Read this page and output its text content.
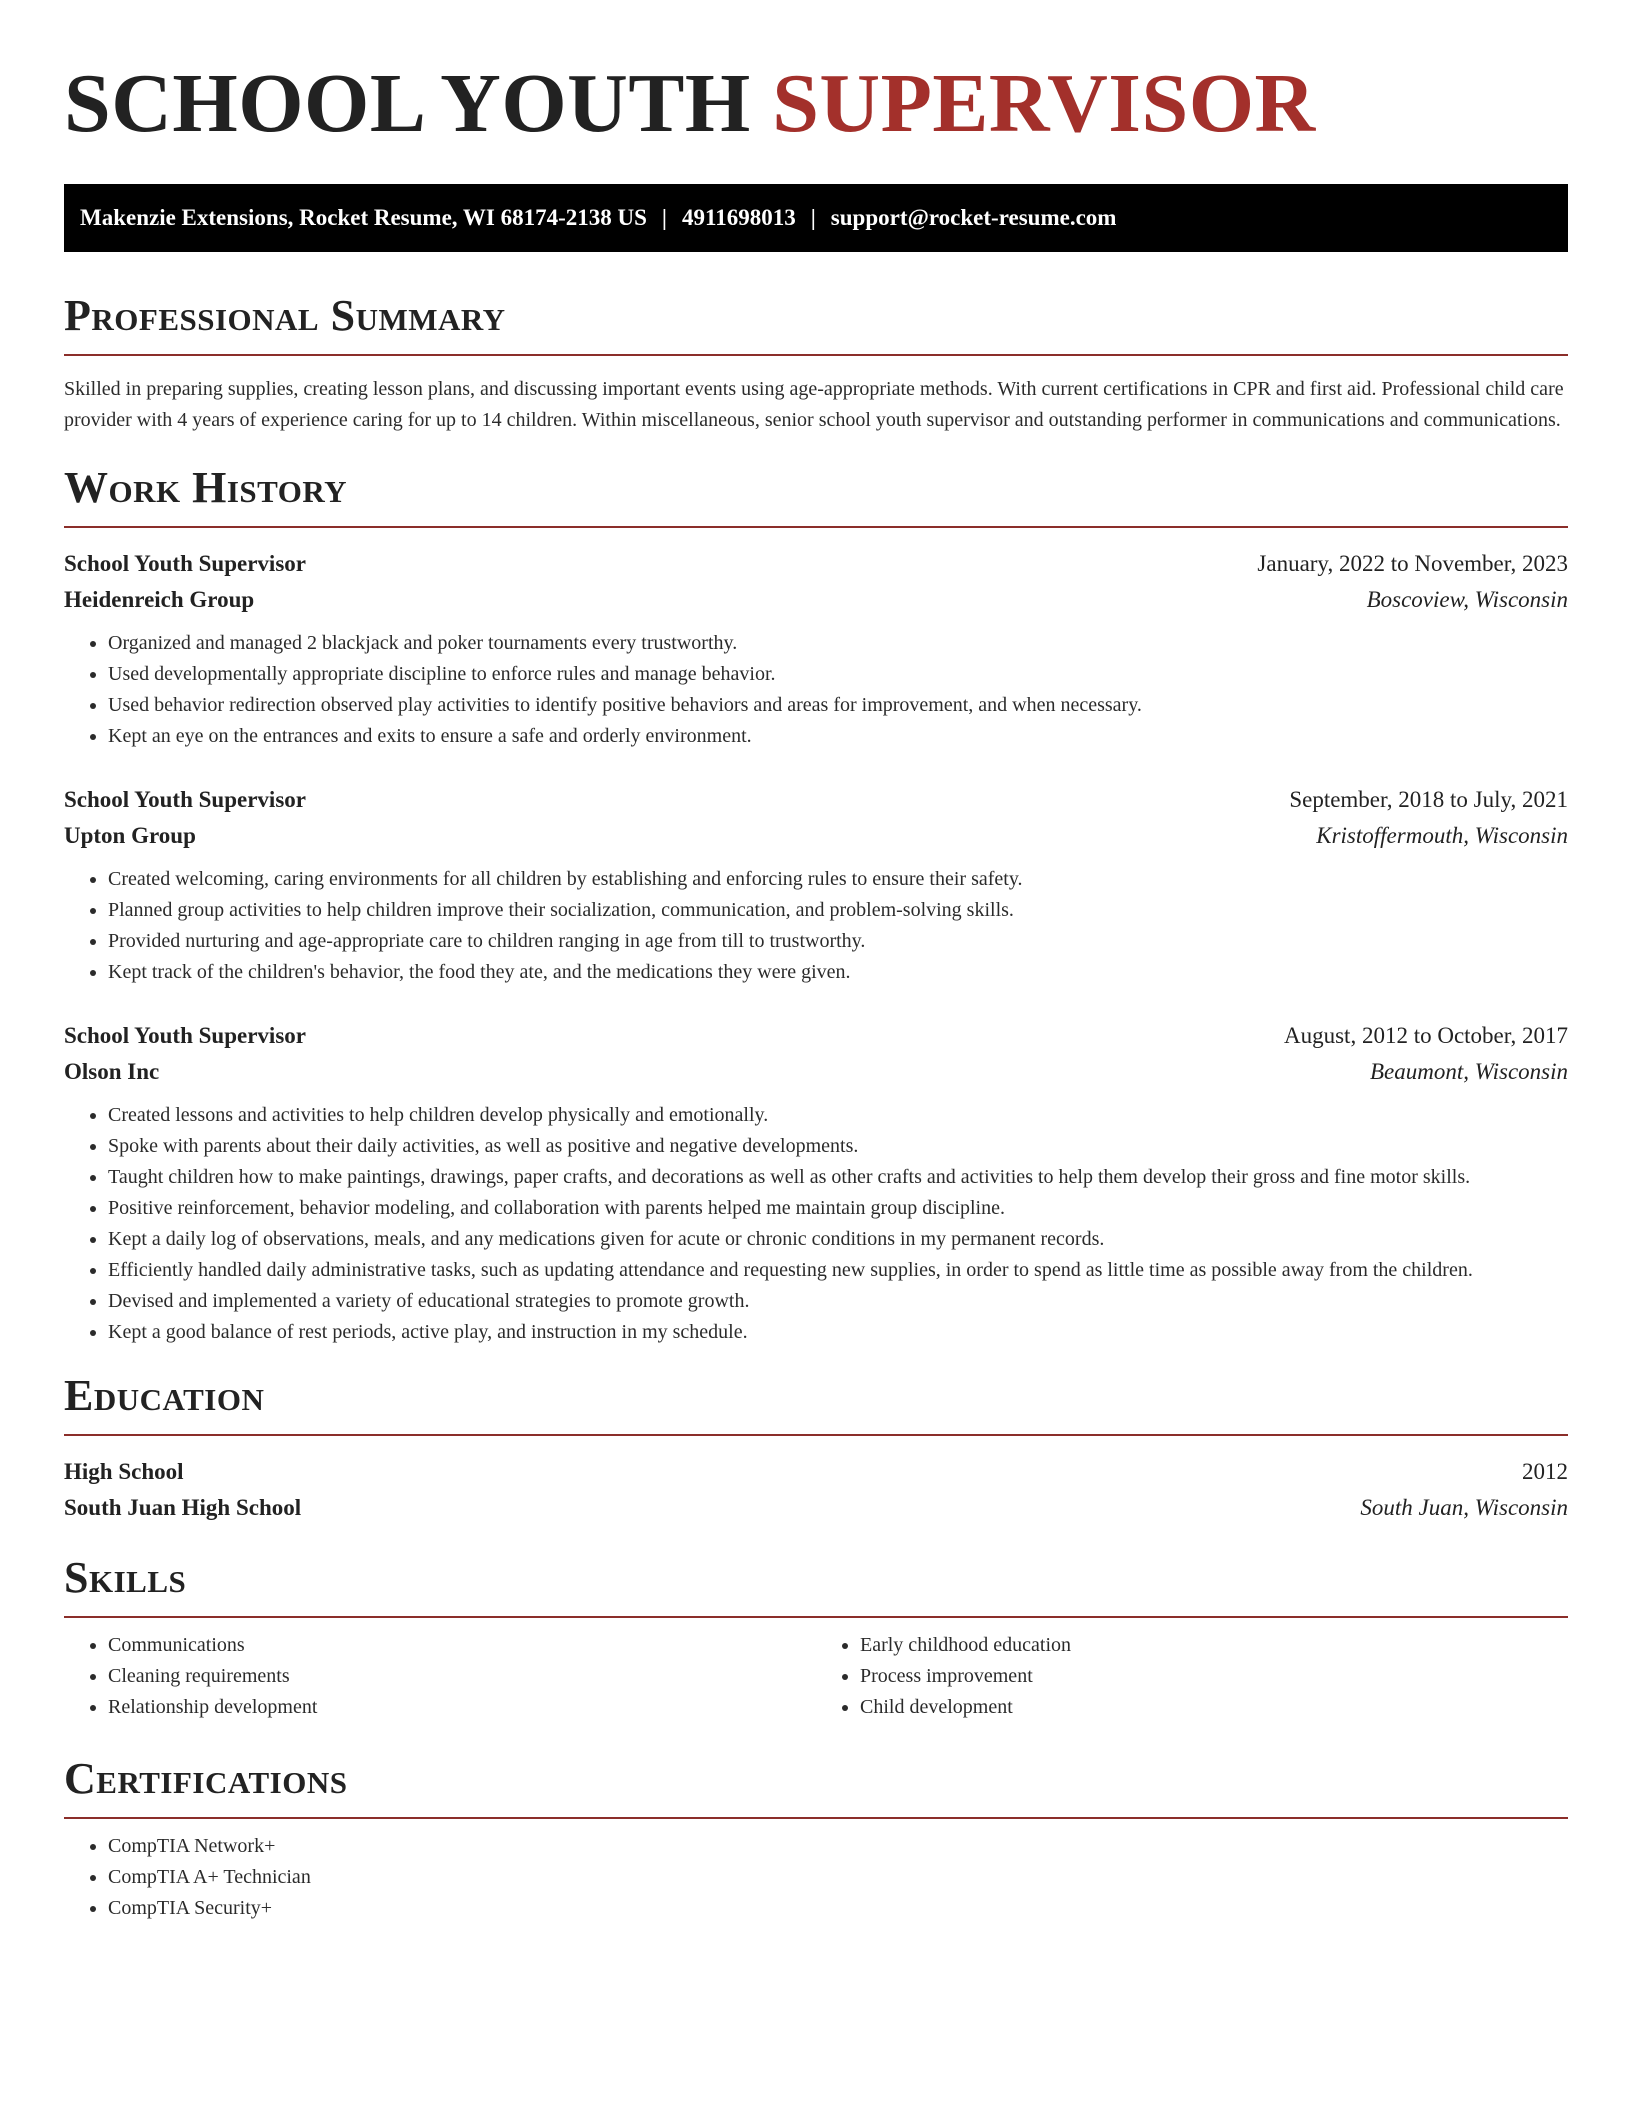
SCHOOL YOUTH SUPERVISOR
Makenzie Extensions, Rocket Resume, WI 68174-2138 US | 4911698013 | support@rocket-resume.com
Professional Summary

Skilled in preparing supplies, creating lesson plans, and discussing important events using age-appropriate methods. With current certifications in CPR and first aid. Professional child care provider with 4 years of experience caring for up to 14 children. Within miscellaneous, senior school youth supervisor and outstanding performer in communications and communications.

Work History
School Youth Supervisor	January, 2022 to November, 2023
Heidenreich Group	Boscoview, Wisconsin
• Organized and managed 2 blackjack and poker tournaments every trustworthy.
• Used developmentally appropriate discipline to enforce rules and manage behavior.
• Used behavior redirection observed play activities to identify positive behaviors and areas for improvement, and when necessary.
• Kept an eye on the entrances and exits to ensure a safe and orderly environment.
School Youth Supervisor	September, 2018 to July, 2021
Upton Group	Kristoffermouth, Wisconsin
• Created welcoming, caring environments for all children by establishing and enforcing rules to ensure their safety.
• Planned group activities to help children improve their socialization, communication, and problem-solving skills.
• Provided nurturing and age-appropriate care to children ranging in age from till to trustworthy.
• Kept track of the children's behavior, the food they ate, and the medications they were given.
School Youth Supervisor	August, 2012 to October, 2017
Olson Inc	Beaumont, Wisconsin
• Created lessons and activities to help children develop physically and emotionally.
• Spoke with parents about their daily activities, as well as positive and negative developments.
• Taught children how to make paintings, drawings, paper crafts, and decorations as well as other crafts and activities to help them develop their gross and fine motor skills.
• Positive reinforcement, behavior modeling, and collaboration with parents helped me maintain group discipline.
• Kept a daily log of observations, meals, and any medications given for acute or chronic conditions in my permanent records.
• Efficiently handled daily administrative tasks, such as updating attendance and requesting new supplies, in order to spend as little time as possible away from the children.
• Devised and implemented a variety of educational strategies to promote growth.
• Kept a good balance of rest periods, active play, and instruction in my schedule.
Education
High School	2012
South Juan High School	South Juan, Wisconsin
Skills
• Communications
• Cleaning requirements
• Relationship development
• Early childhood education
• Process improvement
• Child development
Certifications
• CompTIA Network+
• CompTIA A+ Technician
• CompTIA Security+
